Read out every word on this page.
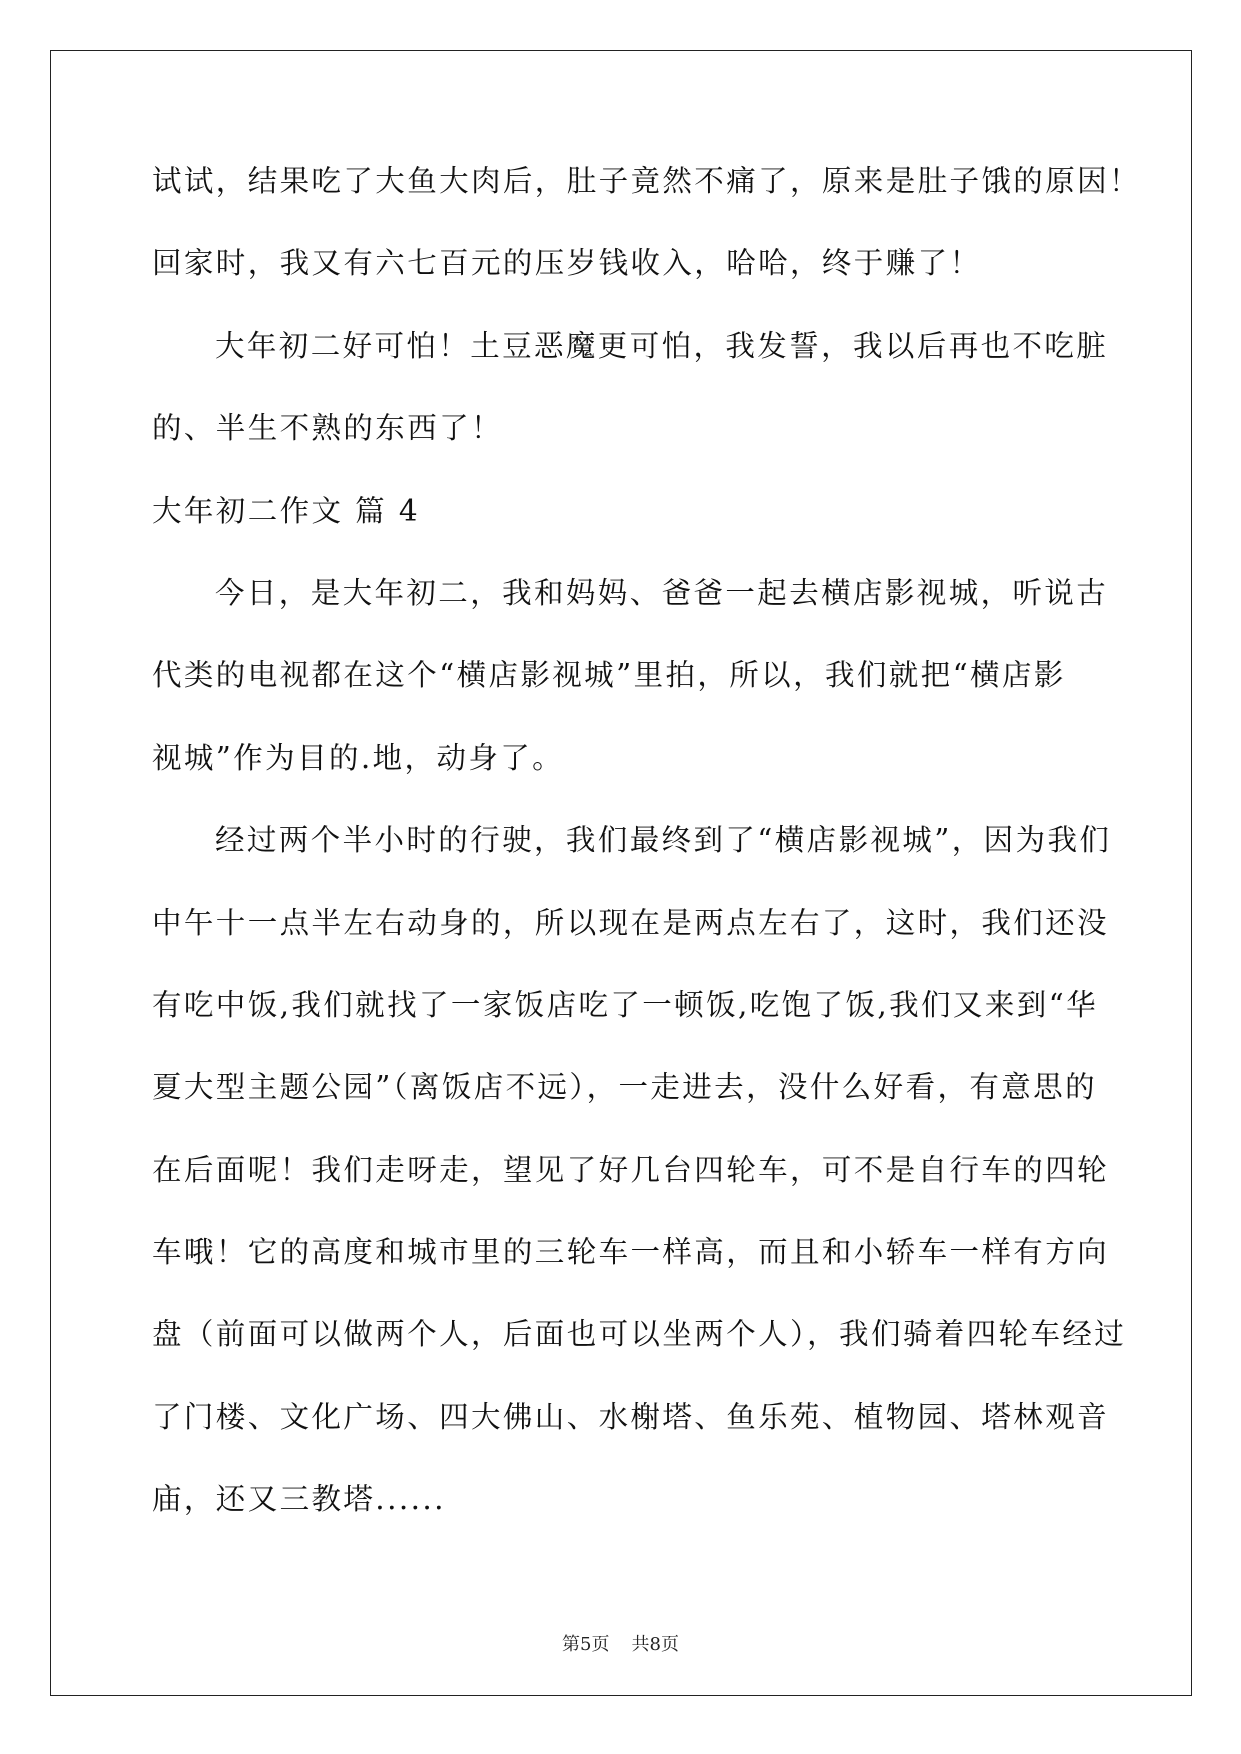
试试，结果吃了大鱼大肉后，肚子竟然不痛了，原来是肚子饿的原因！
回家时，我又有六七百元的压岁钱收入，哈哈，终于赚了！
大年初二好可怕！土豆恶魔更可怕，我发誓，我以后再也不吃脏
的、半生不熟的东西了！
大年初二作文 篇 4
今日，是大年初二，我和妈妈、爸爸一起去横店影视城，听说古
代类的电视都在这个“横店影视城”里拍，所以，我们就把“横店影
视城”作为目的.地，动身了。
经过两个半小时的行驶，我们最终到了“横店影视城”，因为我们
中午十一点半左右动身的，所以现在是两点左右了，这时，我们还没
有吃中饭,我们就找了一家饭店吃了一顿饭,吃饱了饭,我们又来到“华
夏大型主题公园”（离饭店不远），一走进去，没什么好看，有意思的
在后面呢！我们走呀走，望见了好几台四轮车，可不是自行车的四轮
车哦！它的高度和城市里的三轮车一样高，而且和小轿车一样有方向
盘（前面可以做两个人，后面也可以坐两个人），我们骑着四轮车经过
了门楼、文化广场、四大佛山、水榭塔、鱼乐苑、植物园、塔林观音
庙，还又三教塔......
第5页 共8页
